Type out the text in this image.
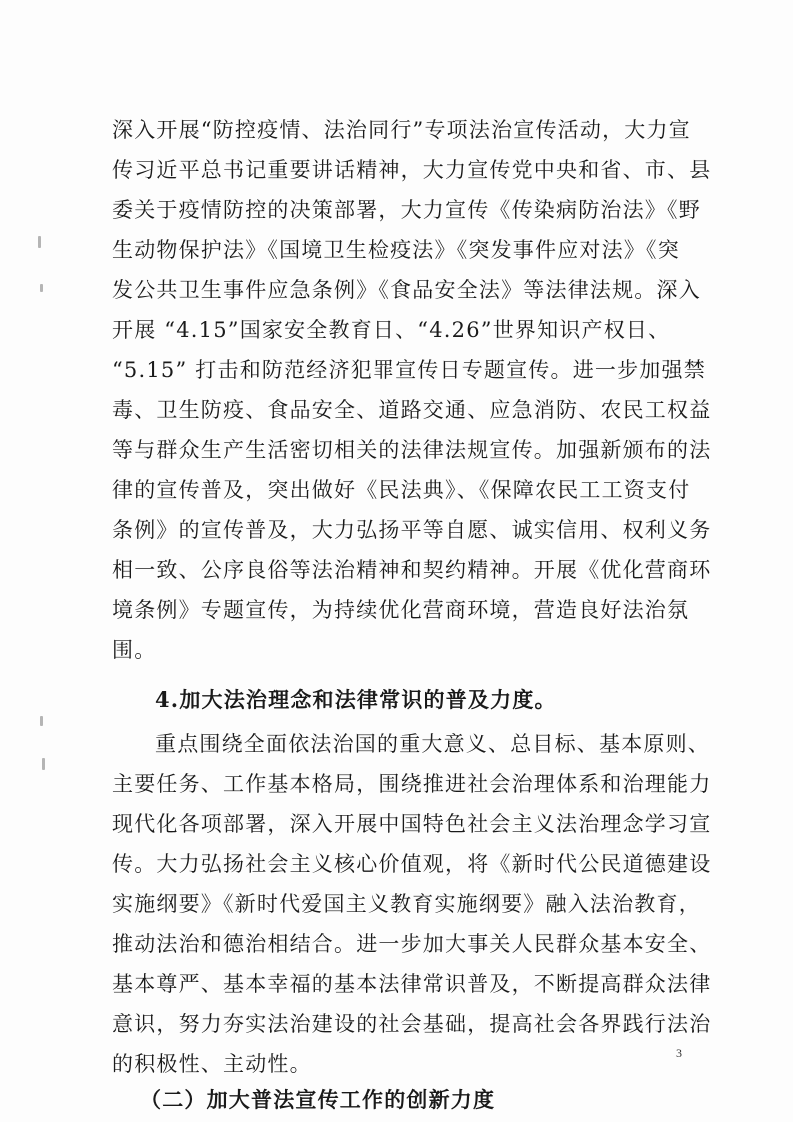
深入开展“防控疫情、法治同行”专项法治宣传活动，大力宣
传习近平总书记重要讲话精神，大力宣传党中央和省、市、县
委关于疫情防控的决策部署，大力宣传《传染病防治法》《野
生动物保护法》《国境卫生检疫法》《突发事件应对法》《突
发公共卫生事件应急条例》《食品安全法》等法律法规。深入
开展 “4.15”国家安全教育日、“4.26”世界知识产权日、
“5.15” 打击和防范经济犯罪宣传日专题宣传。进一步加强禁
毒、卫生防疫、食品安全、道路交通、应急消防、农民工权益
等与群众生产生活密切相关的法律法规宣传。加强新颁布的法
律的宣传普及，突出做好《民法典》、《保障农民工工资支付
条例》的宣传普及，大力弘扬平等自愿、诚实信用、权利义务
相一致、公序良俗等法治精神和契约精神。开展《优化营商环
境条例》专题宣传，为持续优化营商环境，营造良好法治氛
围。
4.加大法治理念和法律常识的普及力度。
重点围绕全面依法治国的重大意义、总目标、基本原则、
主要任务、工作基本格局，围绕推进社会治理体系和治理能力
现代化各项部署，深入开展中国特色社会主义法治理念学习宣
传。大力弘扬社会主义核心价值观，将《新时代公民道德建设
实施纲要》《新时代爱国主义教育实施纲要》融入法治教育，
推动法治和德治相结合。进一步加大事关人民群众基本安全、
基本尊严、基本幸福的基本法律常识普及，不断提高群众法律
意识，努力夯实法治建设的社会基础，提高社会各界践行法治
的积极性、主动性。
（二）加大普法宣传工作的创新力度
3
